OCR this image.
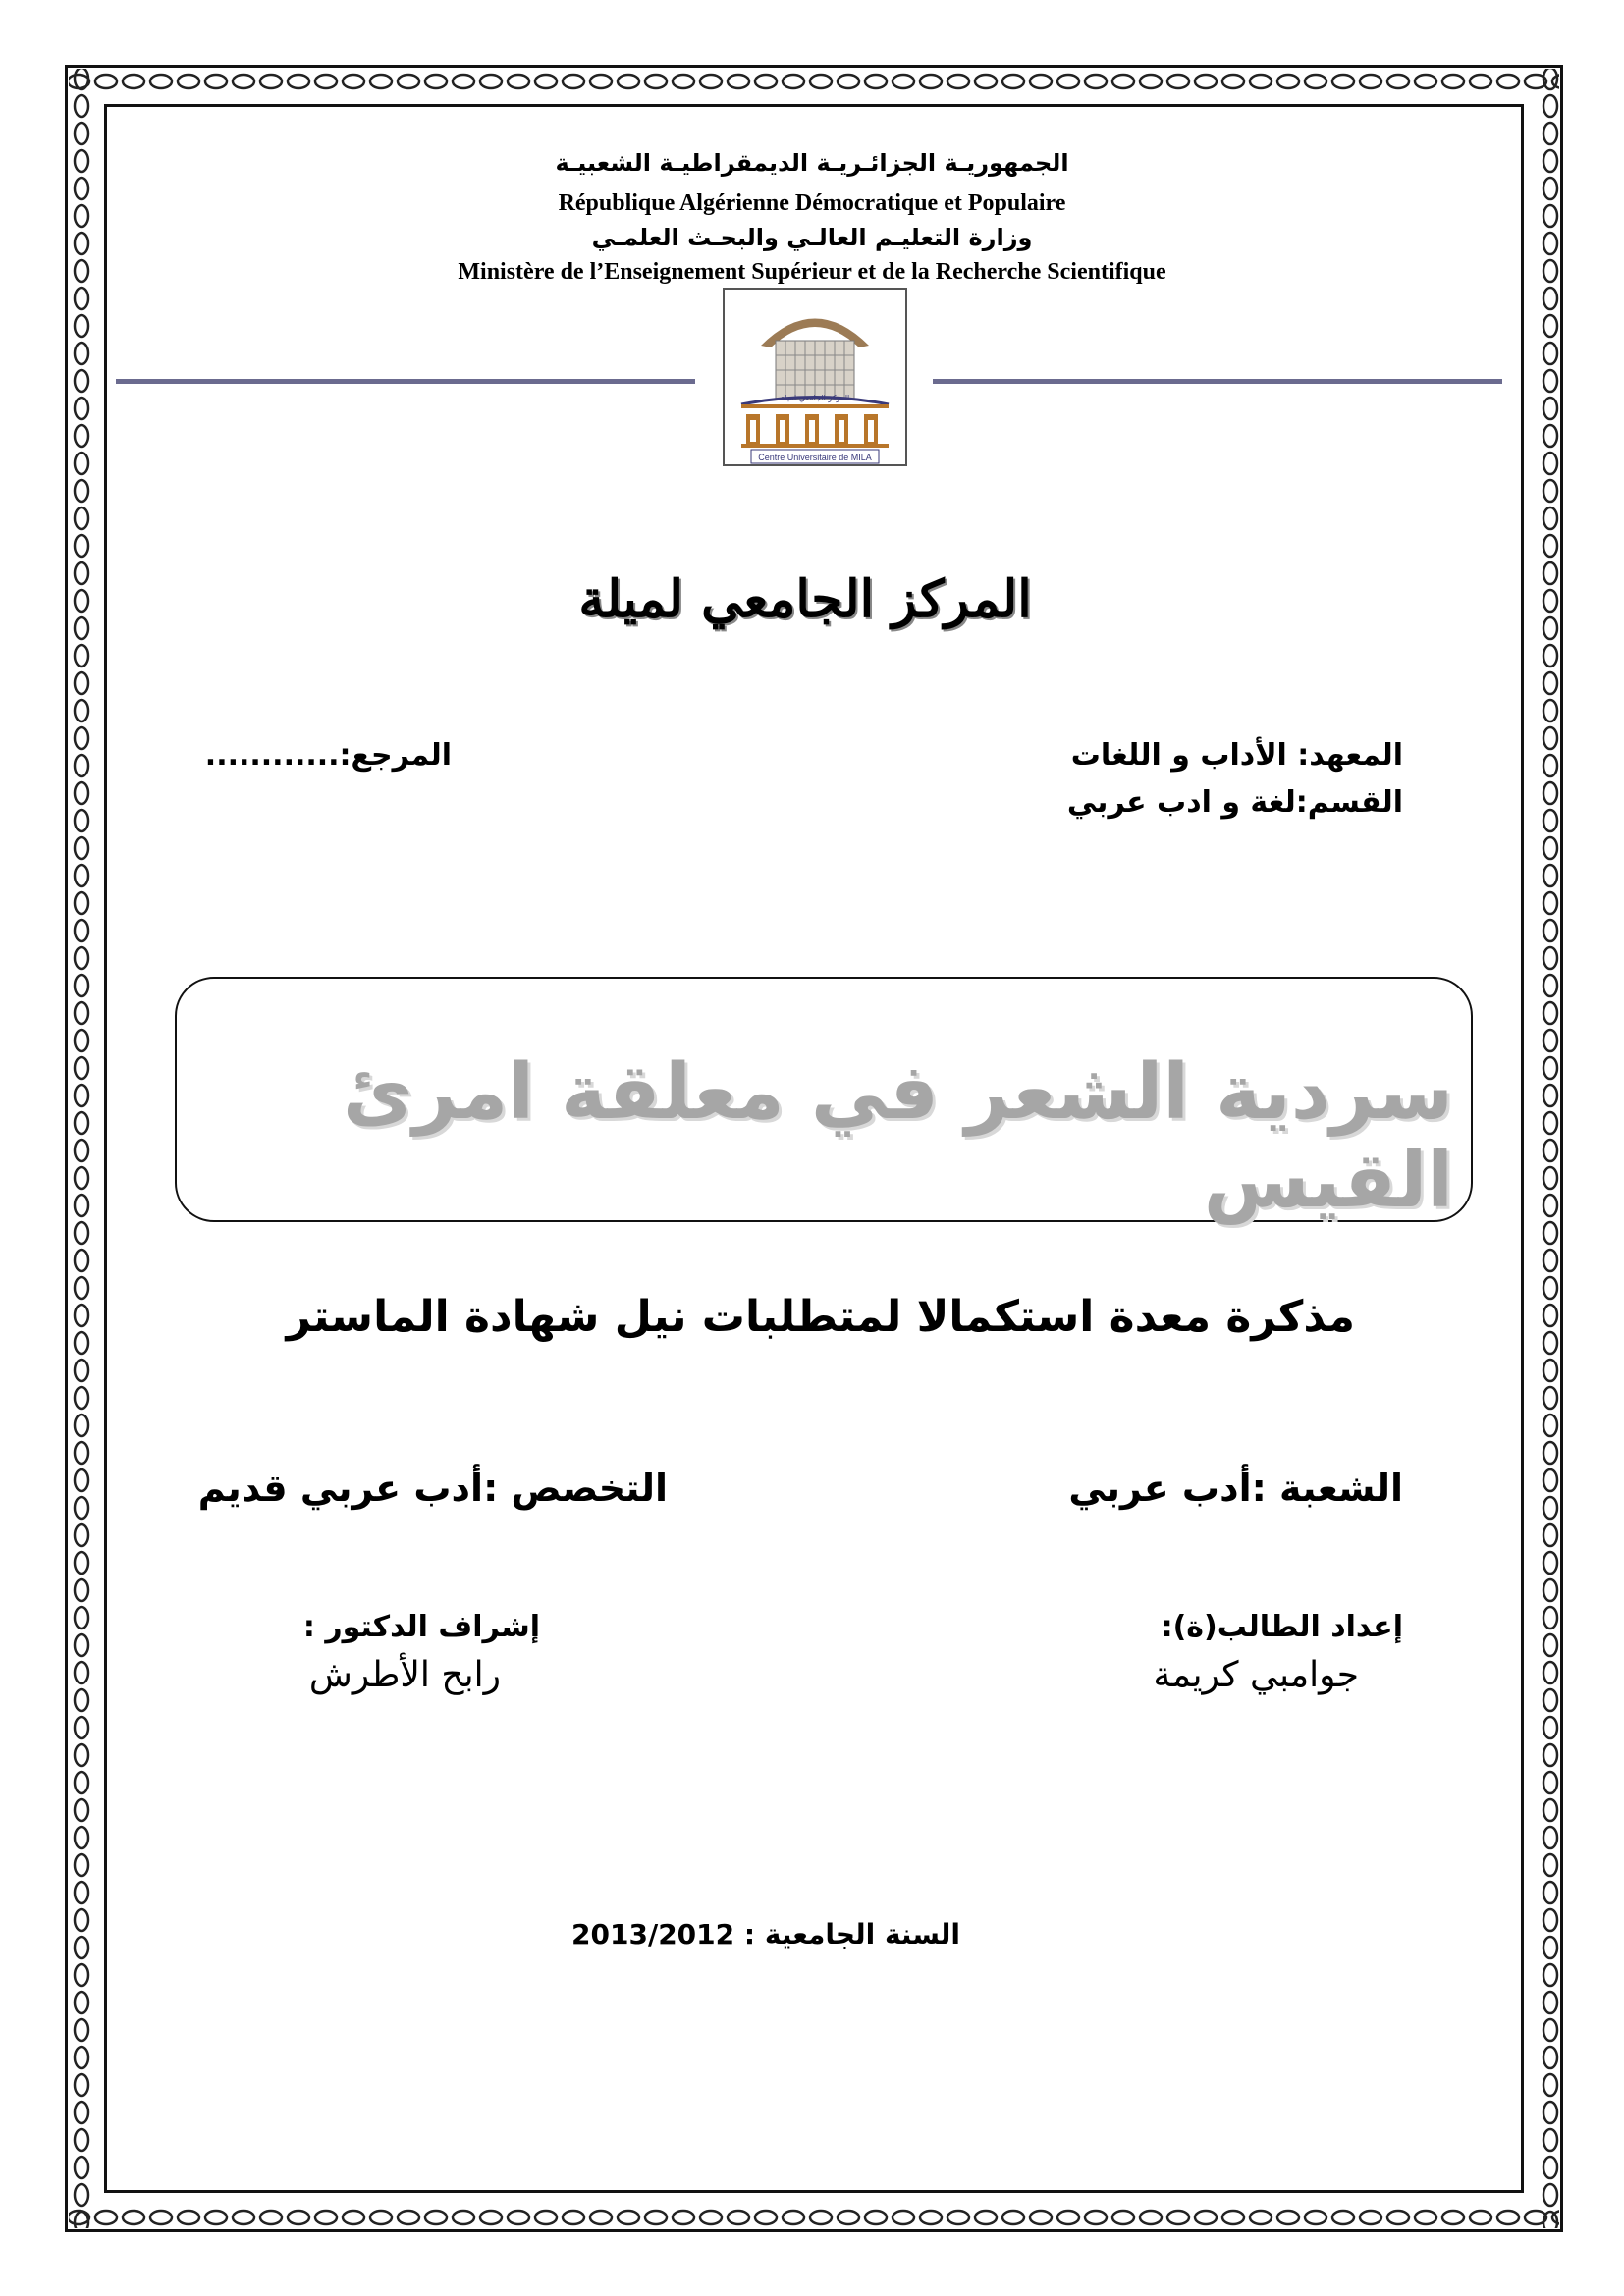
الجمهوريـة الجزائـريـة الديمقراطيـة الشعبيـة
République Algérienne Démocratique et Populaire
وزارة التعليـم العالـي والبحـث العلمـي
Ministère de l’Enseignement Supérieur et de la Recherche Scientifique
المركز الجامعي لميلة
Centre Universitaire de MILA
المركز الجامعي لميلة
المعهد: الأداب و اللغات
القسم:لغة و ادب عربي
المرجع:............
سردية الشعر في معلقة امرئ القيس
مذكرة معدة استكمالا لمتطلبات نيل شهادة الماستر
الشعبة :أدب عربي
التخصص :أدب عربي قديم
إعداد الطالب(ة):
جوامبي كريمة
إشراف الدكتور :
رابح الأطرش
السنة الجامعية : 2013/2012
